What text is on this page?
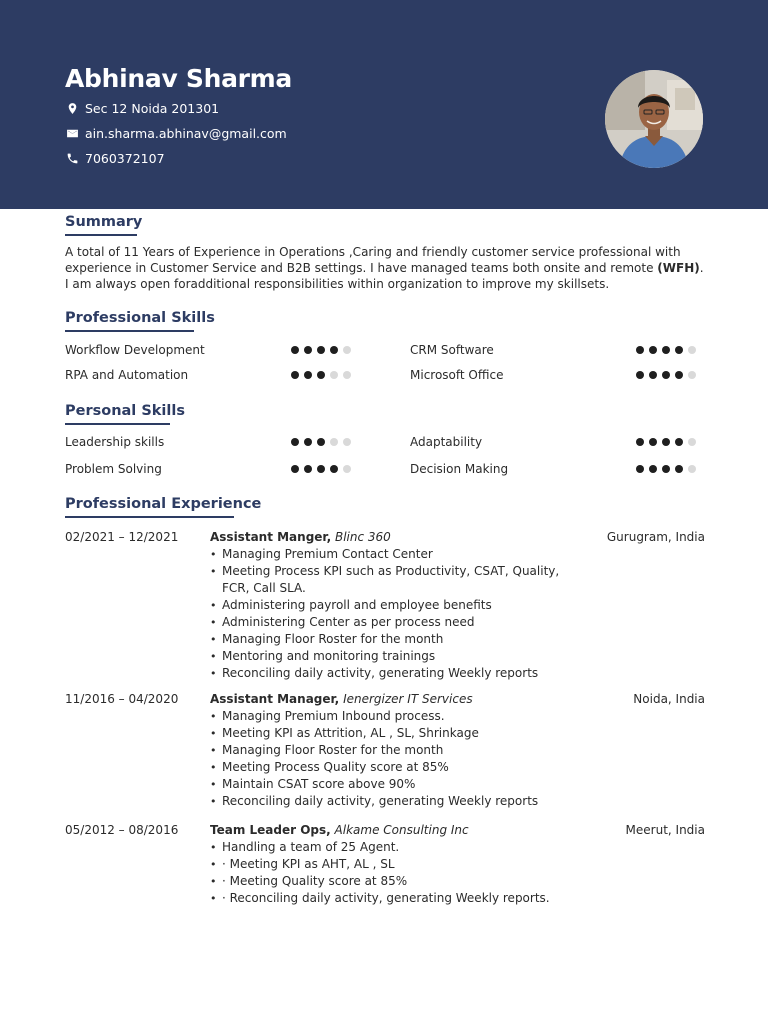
Abhinav Sharma
Sec 12 Noida 201301
ain.sharma.abhinav@gmail.com
7060372107
Summary
A total of 11 Years of Experience in Operations ,Caring and friendly customer service professional with experience in Customer Service and B2B settings. I have managed teams both onsite and remote (WFH). I am always open foradditional responsibilities within organization to improve my skillsets.
Professional Skills
Workflow Development	CRM Software
RPA and Automation	Microsoft Office
Personal Skills
Leadership skills	Adaptability
Problem Solving	Decision Making
Professional Experience
02/2021 – 12/2021	Assistant Manger, Blinc 360	Gurugram, India
• Managing Premium Contact Center
• Meeting Process KPI such as Productivity, CSAT, Quality, FCR, Call SLA.
• Administering payroll and employee benefits
• Administering Center as per process need
• Managing Floor Roster for the month
• Mentoring and monitoring trainings
• Reconciling daily activity, generating Weekly reports
11/2016 – 04/2020	Assistant Manager, Ienergizer IT Services	Noida, India
• Managing Premium Inbound process.
• Meeting KPI as Attrition, AL , SL, Shrinkage
• Managing Floor Roster for the month
• Meeting Process Quality score at 85%
• Maintain CSAT score above 90%
• Reconciling daily activity, generating Weekly reports
05/2012 – 08/2016	Team Leader Ops, Alkame Consulting Inc	Meerut, India
• Handling a team of 25 Agent.
• · Meeting KPI as AHT, AL , SL
• · Meeting Quality score at 85%
• · Reconciling daily activity, generating Weekly reports.
